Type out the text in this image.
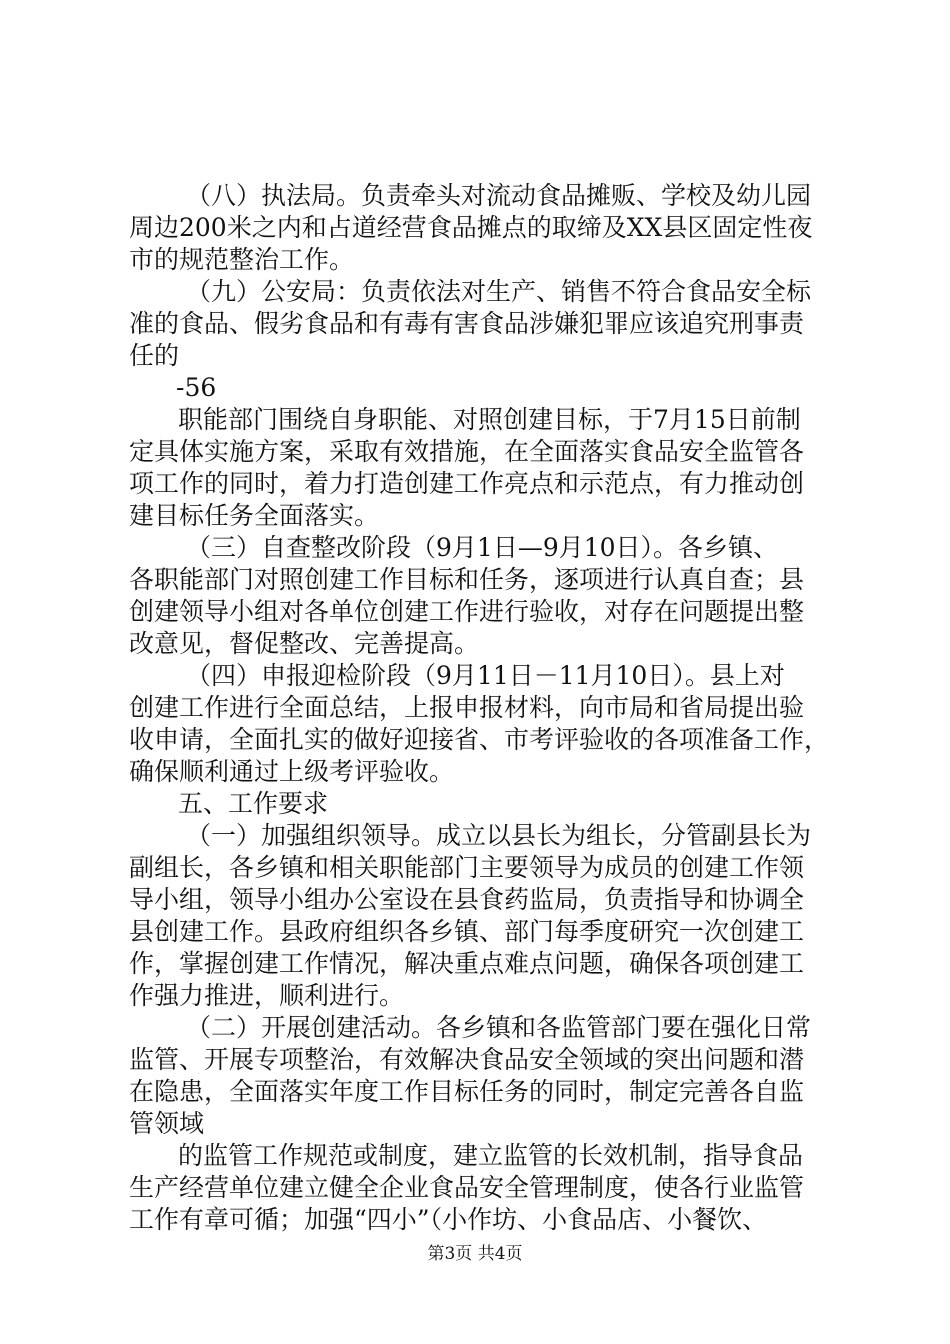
（八）执法局。负责牵头对流动食品摊贩、学校及幼儿园
周边200米之内和占道经营食品摊点的取缔及XX县区固定性夜
市的规范整治工作。
（九）公安局：负责依法对生产、销售不符合食品安全标
准的食品、假劣食品和有毒有害食品涉嫌犯罪应该追究刑事责
任的
-56
职能部门围绕自身职能、对照创建目标，于7月15日前制
定具体实施方案，采取有效措施，在全面落实食品安全监管各
项工作的同时，着力打造创建工作亮点和示范点，有力推动创
建目标任务全面落实。
（三）自查整改阶段（9月1日—9月10日）。各乡镇、
各职能部门对照创建工作目标和任务，逐项进行认真自查；县
创建领导小组对各单位创建工作进行验收，对存在问题提出整
改意见，督促整改、完善提高。
（四）申报迎检阶段（9月11日－11月10日）。县上对
创建工作进行全面总结，上报申报材料，向市局和省局提出验
收申请，全面扎实的做好迎接省、市考评验收的各项准备工作，
确保顺利通过上级考评验收。
五、工作要求
（一）加强组织领导。成立以县长为组长，分管副县长为
副组长，各乡镇和相关职能部门主要领导为成员的创建工作领
导小组，领导小组办公室设在县食药监局，负责指导和协调全
县创建工作。县政府组织各乡镇、部门每季度研究一次创建工
作，掌握创建工作情况，解决重点难点问题，确保各项创建工
作强力推进，顺利进行。
（二）开展创建活动。各乡镇和各监管部门要在强化日常
监管、开展专项整治，有效解决食品安全领域的突出问题和潜
在隐患，全面落实年度工作目标任务的同时，制定完善各自监
管领域
的监管工作规范或制度，建立监管的长效机制，指导食品
生产经营单位建立健全企业食品安全管理制度，使各行业监管
工作有章可循；加强“四小”（小作坊、小食品店、小餐饮、
第3页 共4页
